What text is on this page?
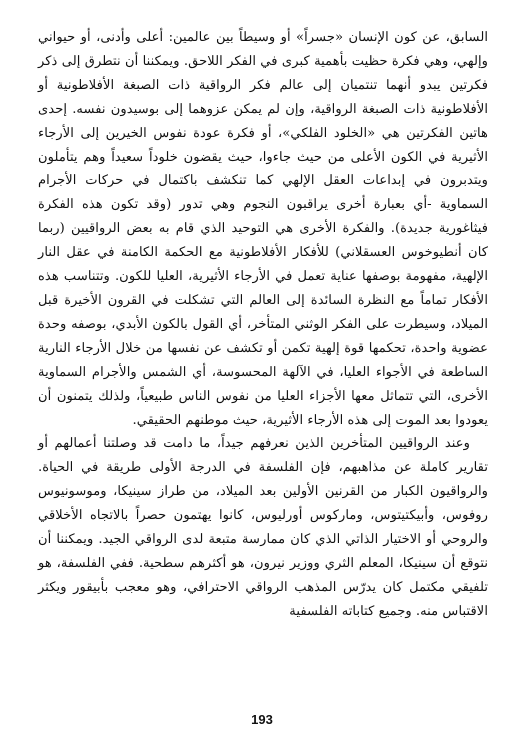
السابق، عن كون الإنسان «جسراً» أو وسيطاً بين عالمين: أعلى وأدنى، أو حيواني وإلهي، وهي فكرة حظيت بأهمية كبرى في الفكر اللاحق. ويمكننا أن نتطرق إلى ذكر فكرتين يبدو أنهما تنتميان إلى عالم فكر الرواقية ذات الصبغة الأفلاطونية أو الأفلاطونية ذات الصبغة الرواقية، وإن لم يمكن عزوهما إلى بوسيدون نفسه. إحدى هاتين الفكرتين هي «الخلود الفلكي»، أو فكرة عودة نفوس الخيرين إلى الأرجاء الأثيرية في الكون الأعلى من حيث جاءوا، حيث يقضون خلوداً سعيداً وهم يتأملون ويتدبرون في إبداعات العقل الإلهي كما تنكشف باكتمال في حركات الأجرام السماوية -أي بعبارة أخرى يراقبون النجوم وهي تدور (وقد تكون هذه الفكرة فيثاغورية جديدة). والفكرة الأخرى هي التوحيد الذي قام به بعض الرواقيين (ربما كان أنطيوخوس العسقلاني) للأفكار الأفلاطونية مع الحكمة الكامنة في عقل النار الإلهية، مفهومة بوصفها عناية تعمل في الأرجاء الأثيرية، العليا للكون. وتتناسب هذه الأفكار تماماً مع النظرة السائدة إلى العالم التي تشكلت في القرون الأخيرة قبل الميلاد، وسيطرت على الفكر الوثني المتأخر، أي القول بالكون الأبدي، بوصفه وحدة عضوية واحدة، تحكمها قوة إلهية تكمن أو تكشف عن نفسها من خلال الأرجاء النارية الساطعة في الأجواء العليا، في الآلهة المحسوسة، أي الشمس والأجرام السماوية الأخرى، التي تتماثل معها الأجزاء العليا من نفوس الناس طبيعياً، ولذلك يتمنون أن يعودوا بعد الموت إلى هذه الأرجاء الأثيرية، حيث موطنهم الحقيقي.

وعند الرواقيين المتأخرين الذين نعرفهم جيداً، ما دامت قد وصلتنا أعمالهم أو تقارير كاملة عن مذاهبهم، فإن الفلسفة في الدرجة الأولى طريقة في الحياة. والرواقيون الكبار من القرنين الأولين بعد الميلاد، من طراز سينيكا، وموسونيوس روفوس، وأبيكتيتوس، وماركوس أورليوس، كانوا يهتمون حصراً بالاتجاه الأخلاقي والروحي أو الاختيار الذاتي الذي كان ممارسة متبعة لدى الرواقي الجيد. ويمكننا أن نتوقع أن سينيكا، المعلم الثري ووزير نيرون، هو أكثرهم سطحية. ففي الفلسفة، هو تلفيقي مكتمل كان يدرّس المذهب الرواقي الاحترافي، وهو معجب بأبيقور ويكثر الاقتباس منه. وجميع كتاباته الفلسفية

193
